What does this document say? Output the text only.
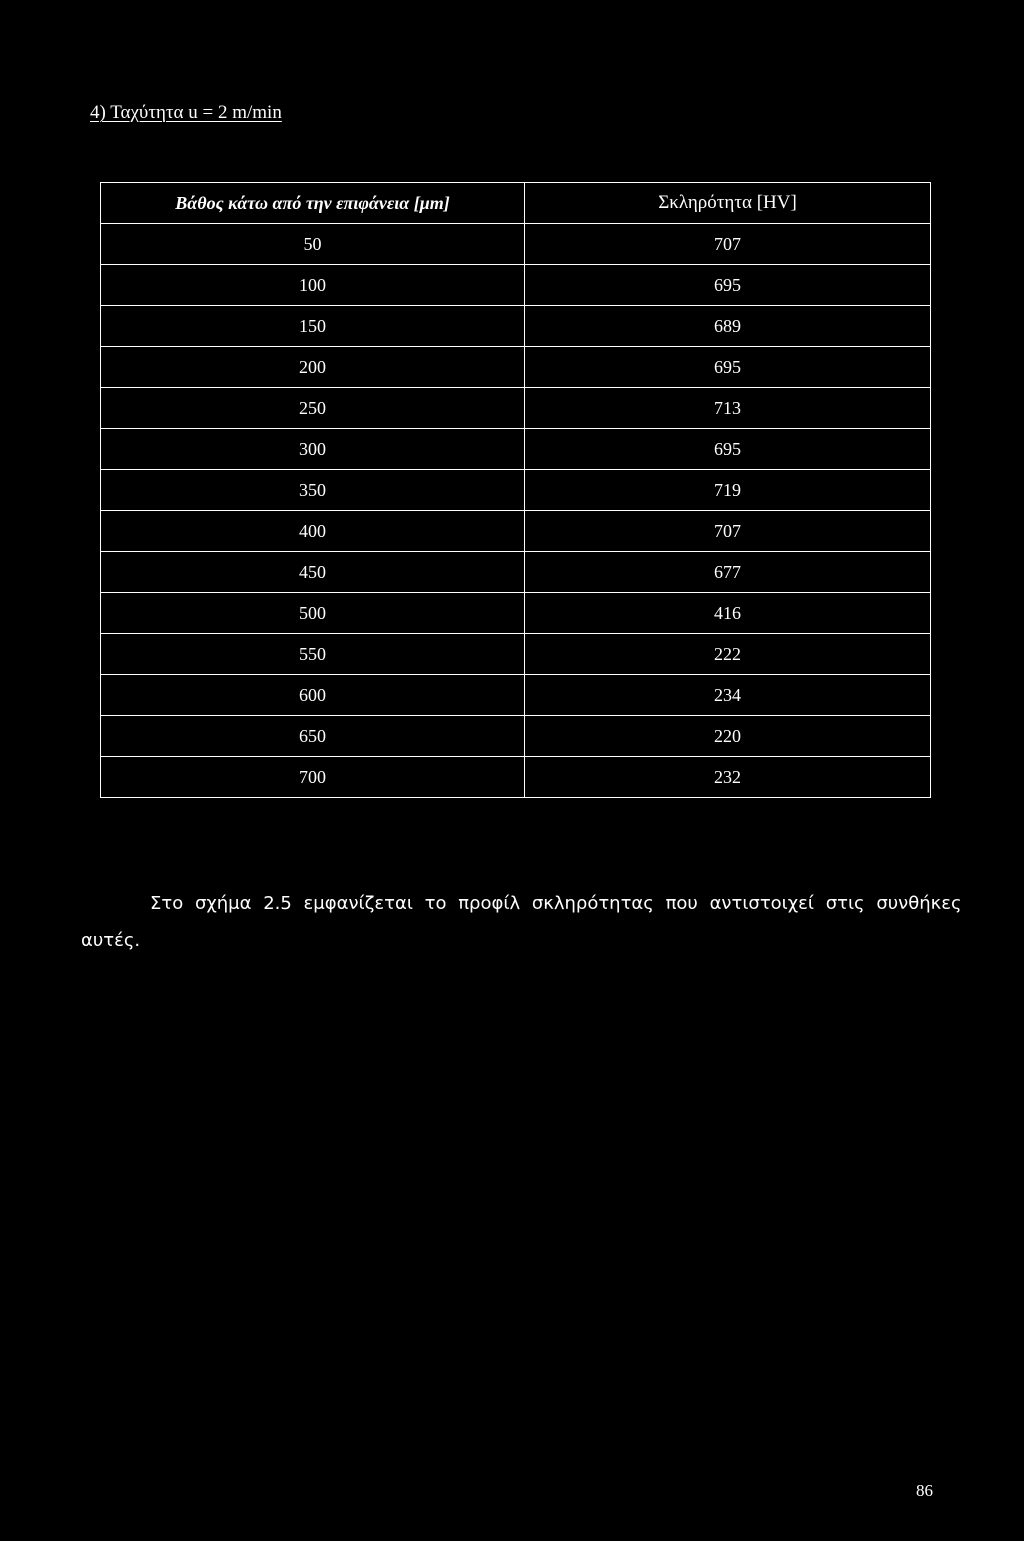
4) Ταχύτητα u = 2 m/min
Βάθος κάτω από την επιφάνεια [μm]	Σκληρότητα [HV]
50	707
100	695
150	689
200	695
250	713
300	695
350	719
400	707
450	677
500	416
550	222
600	234
650	220
700	232
Στο σχήμα 2.5 εμφανίζεται το προφίλ σκληρότητας που αντιστοιχεί στις συνθήκες
αυτές.
86
